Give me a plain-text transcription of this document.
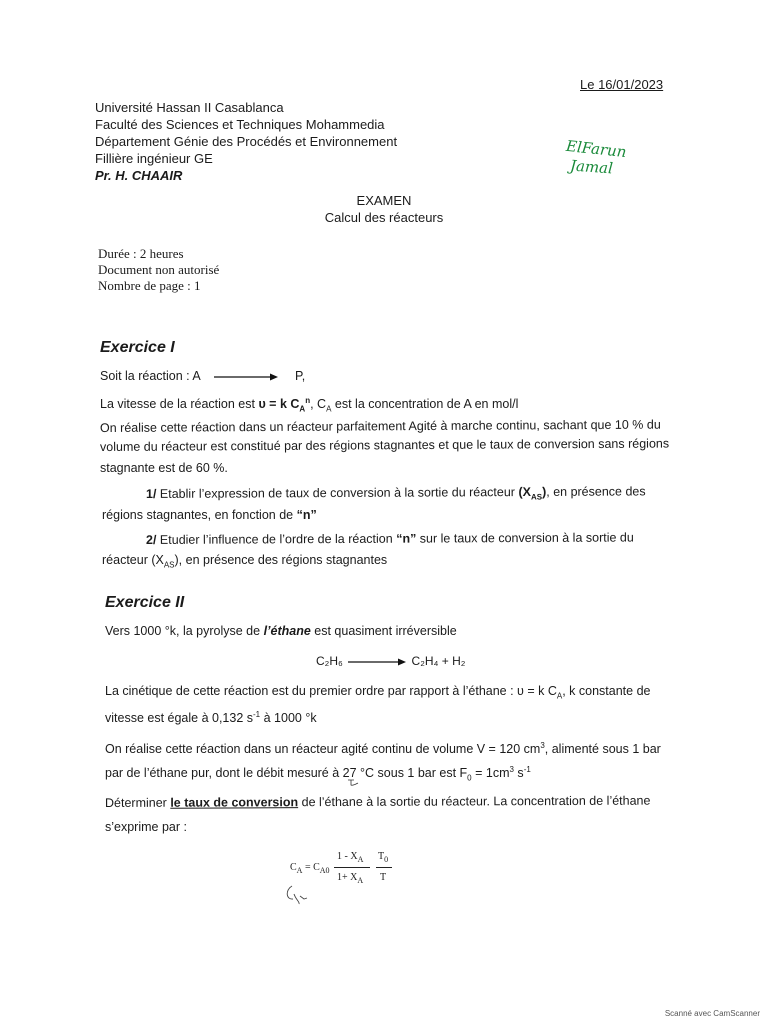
Le 16/01/2023
Université Hassan II Casablanca
Faculté des Sciences et Techniques Mohammedia
Département Génie des Procédés et Environnement
Fillière ingénieur GE
Pr. H. CHAAIR
ElFarun
Jamal
EXAMEN
Calcul des réacteurs
Durée : 2 heures
Document non autorisé
Nombre de page : 1
Exercice I
Soit la réaction : A	P,
La vitesse de la réaction est υ = k $C_A^n$, $C_A$ est la concentration de A en mol/l
On réalise cette réaction dans un réacteur parfaitement Agité à marche continu, sachant que 10 % du
volume du réacteur est constitué par des régions stagnantes et que le taux de conversion sans régions
stagnante est de 60 %.
1/ Etablir l’expression de taux de conversion à la sortie du réacteur $(X_{AS})$, en présence des
régions stagnantes, en fonction de “n”
2/ Etudier l’influence de l’ordre de la réaction “n” sur le taux de conversion à la sortie du
réacteur $(X_{AS})$, en présence des régions stagnantes
Exercice II
Vers 1000 °k, la pyrolyse de l’éthane est quasiment irréversible
C₂H₆	C₂H₄ + H₂
La cinétique de cette réaction est du premier ordre par rapport à l’éthane : υ = k $C_A$, k constante de
vitesse est égale à 0,132 $s^{-1}$ à 1000 °k
On réalise cette réaction dans un réacteur agité continu de volume V = 120 $cm^3$, alimenté sous 1 bar
par de l’éthane pur, dont le débit mesuré à 27 °C sous 1 bar est $F_0 = 1cm^3$ $s^{-1}$
Déterminer le taux de conversion de l’éthane à la sortie du réacteur. La concentration de l’éthane
s’exprime par :
$C_A = C_{A0}$
$1 - X_A$
$1+ X_A$
$T_0$
T
Scanné avec CamScanner
